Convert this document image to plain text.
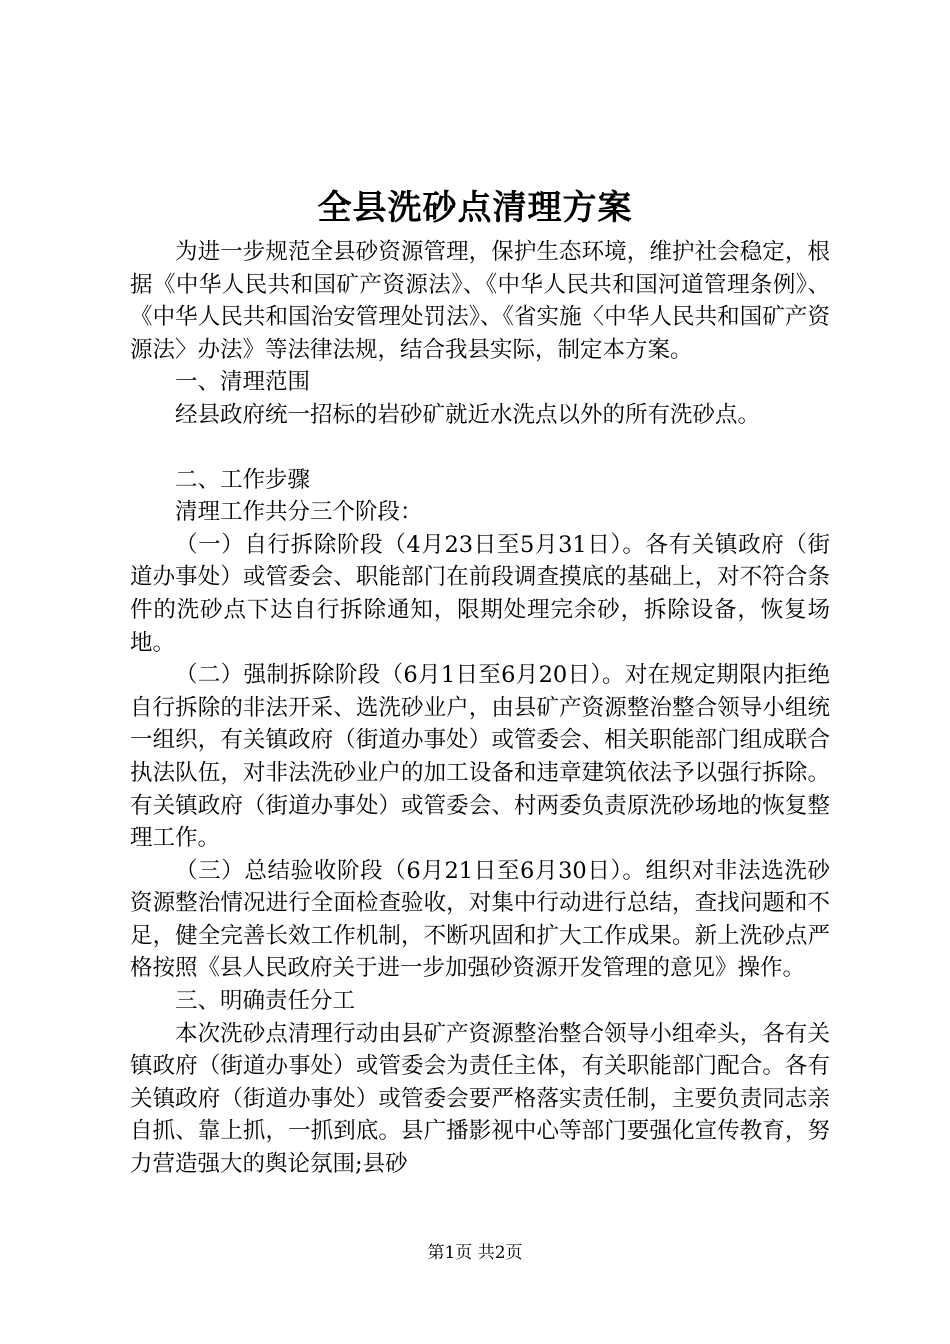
全县洗砂点清理方案

为进一步规范全县砂资源管理，保护生态环境，维护社会稳定，根据《中华人民共和国矿产资源法》、《中华人民共和国河道管理条例》、《中华人民共和国治安管理处罚法》、《省实施〈中华人民共和国矿产资源法〉办法》等法律法规，结合我县实际，制定本方案。

一、清理范围

经县政府统一招标的岩砂矿就近水洗点以外的所有洗砂点。

二、工作步骤

清理工作共分三个阶段：

（一）自行拆除阶段（4月23日至5月31日）。各有关镇政府（街道办事处）或管委会、职能部门在前段调查摸底的基础上，对不符合条件的洗砂点下达自行拆除通知，限期处理完余砂，拆除设备，恢复场地。

（二）强制拆除阶段（6月1日至6月20日）。对在规定期限内拒绝自行拆除的非法开采、选洗砂业户，由县矿产资源整治整合领导小组统一组织，有关镇政府（街道办事处）或管委会、相关职能部门组成联合执法队伍，对非法洗砂业户的加工设备和违章建筑依法予以强行拆除。有关镇政府（街道办事处）或管委会、村两委负责原洗砂场地的恢复整理工作。

（三）总结验收阶段（6月21日至6月30日）。组织对非法选洗砂资源整治情况进行全面检查验收，对集中行动进行总结，查找问题和不足，健全完善长效工作机制，不断巩固和扩大工作成果。新上洗砂点严格按照《县人民政府关于进一步加强砂资源开发管理的意见》操作。

三、明确责任分工

本次洗砂点清理行动由县矿产资源整治整合领导小组牵头，各有关镇政府（街道办事处）或管委会为责任主体，有关职能部门配合。各有关镇政府（街道办事处）或管委会要严格落实责任制，主要负责同志亲自抓、靠上抓，一抓到底。县广播影视中心等部门要强化宣传教育，努力营造强大的舆论氛围;县砂

第1页 共2页
